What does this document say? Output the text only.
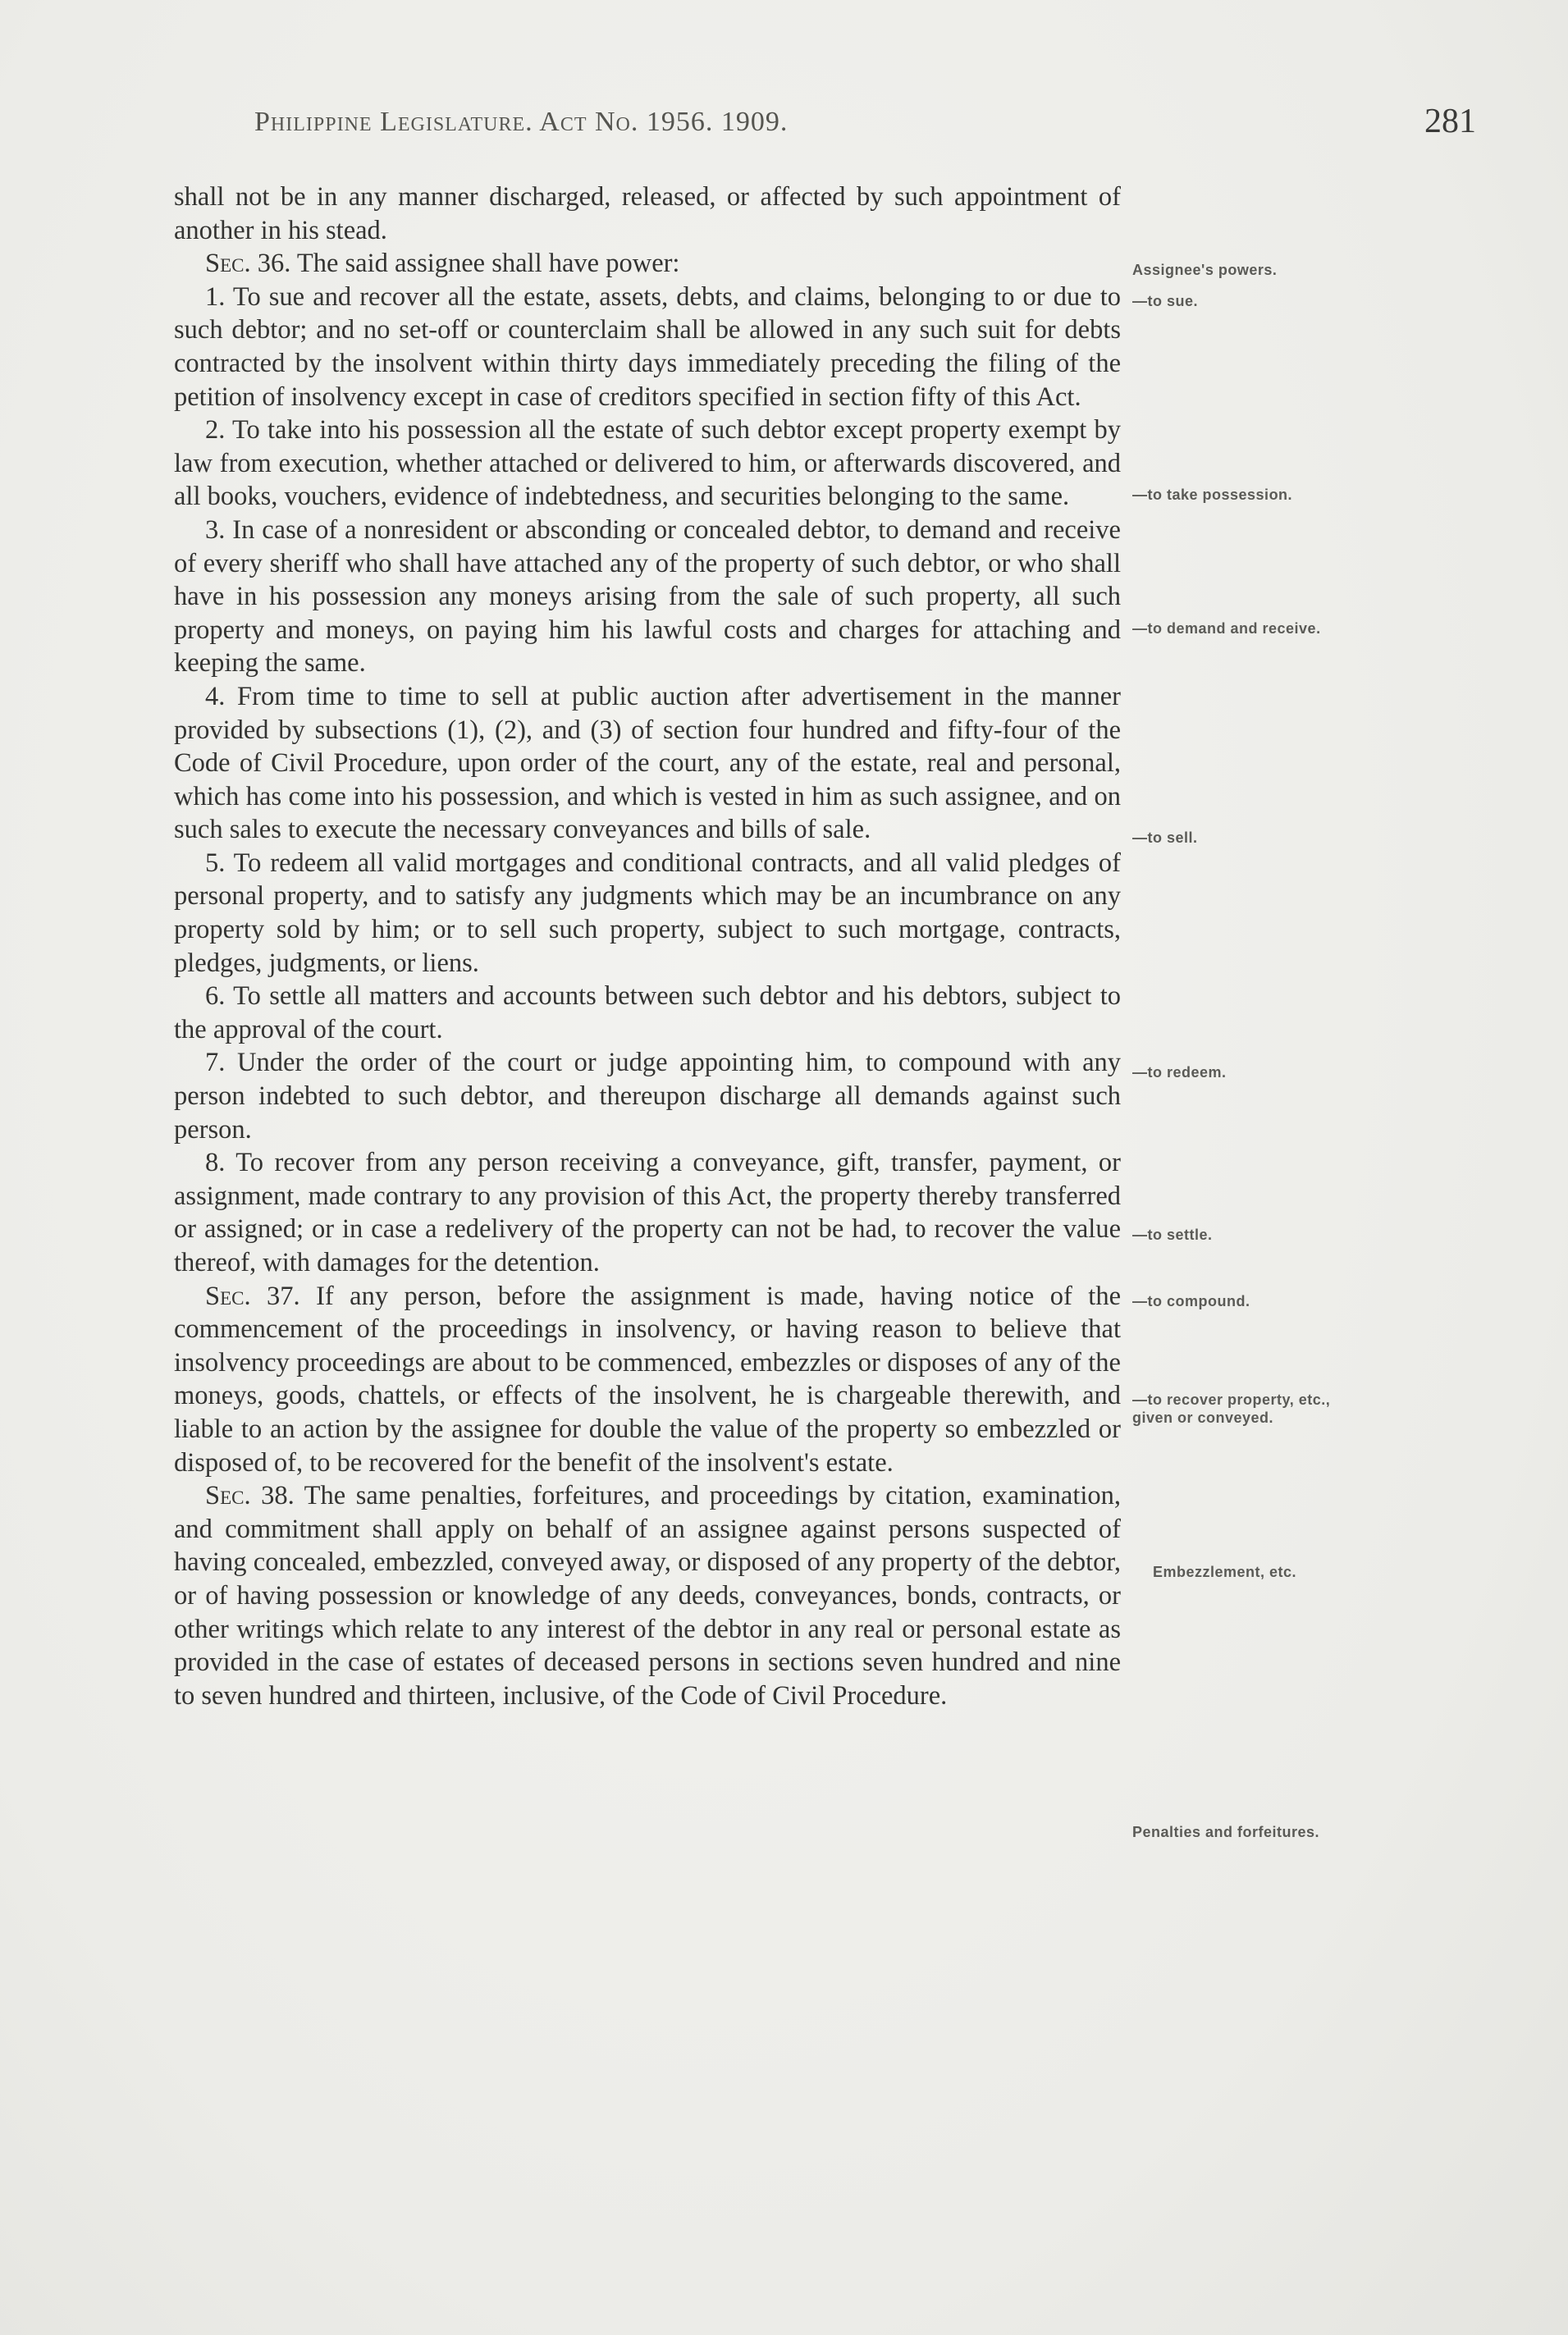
Philippine Legislature. Act No. 1956. 1909.	281

shall not be in any manner discharged, released, or affected by such appointment of another in his stead.

Sec. 36. The said assignee shall have power:

1. To sue and recover all the estate, assets, debts, and claims, belonging to or due to such debtor; and no set-off or counterclaim shall be allowed in any such suit for debts contracted by the insolvent within thirty days immediately preceding the filing of the petition of insolvency except in case of creditors specified in section fifty of this Act.

2. To take into his possession all the estate of such debtor except property exempt by law from execution, whether attached or delivered to him, or afterwards discovered, and all books, vouchers, evidence of indebtedness, and securities belonging to the same.

3. In case of a nonresident or absconding or concealed debtor, to demand and receive of every sheriff who shall have attached any of the property of such debtor, or who shall have in his possession any moneys arising from the sale of such property, all such property and moneys, on paying him his lawful costs and charges for attaching and keeping the same.

4. From time to time to sell at public auction after advertisement in the manner provided by subsections (1), (2), and (3) of section four hundred and fifty-four of the Code of Civil Procedure, upon order of the court, any of the estate, real and personal, which has come into his possession, and which is vested in him as such assignee, and on such sales to execute the necessary conveyances and bills of sale.

5. To redeem all valid mortgages and conditional contracts, and all valid pledges of personal property, and to satisfy any judgments which may be an incumbrance on any property sold by him; or to sell such property, subject to such mortgage, contracts, pledges, judgments, or liens.

6. To settle all matters and accounts between such debtor and his debtors, subject to the approval of the court.

7. Under the order of the court or judge appointing him, to compound with any person indebted to such debtor, and thereupon discharge all demands against such person.

8. To recover from any person receiving a conveyance, gift, transfer, payment, or assignment, made contrary to any provision of this Act, the property thereby transferred or assigned; or in case a redelivery of the property can not be had, to recover the value thereof, with damages for the detention.

Sec. 37. If any person, before the assignment is made, having notice of the commencement of the proceedings in insolvency, or having reason to believe that insolvency proceedings are about to be commenced, embezzles or disposes of any of the moneys, goods, chattels, or effects of the insolvent, he is chargeable therewith, and liable to an action by the assignee for double the value of the property so embezzled or disposed of, to be recovered for the benefit of the insolvent's estate.

Sec. 38. The same penalties, forfeitures, and proceedings by citation, examination, and commitment shall apply on behalf of an assignee against persons suspected of having concealed, embezzled, conveyed away, or disposed of any property of the debtor, or of having possession or knowledge of any deeds, conveyances, bonds, contracts, or other writings which relate to any interest of the debtor in any real or personal estate as provided in the case of estates of deceased persons in sections seven hundred and nine to seven hundred and thirteen, inclusive, of the Code of Civil Procedure.

Assignee's powers.
—to sue.
—to take possession.
—to demand and receive.
—to sell.
—to redeem.
—to settle.
—to compound.
—to recover property, etc., given or conveyed.
Embezzlement, etc.
Penalties and forfeitures.
